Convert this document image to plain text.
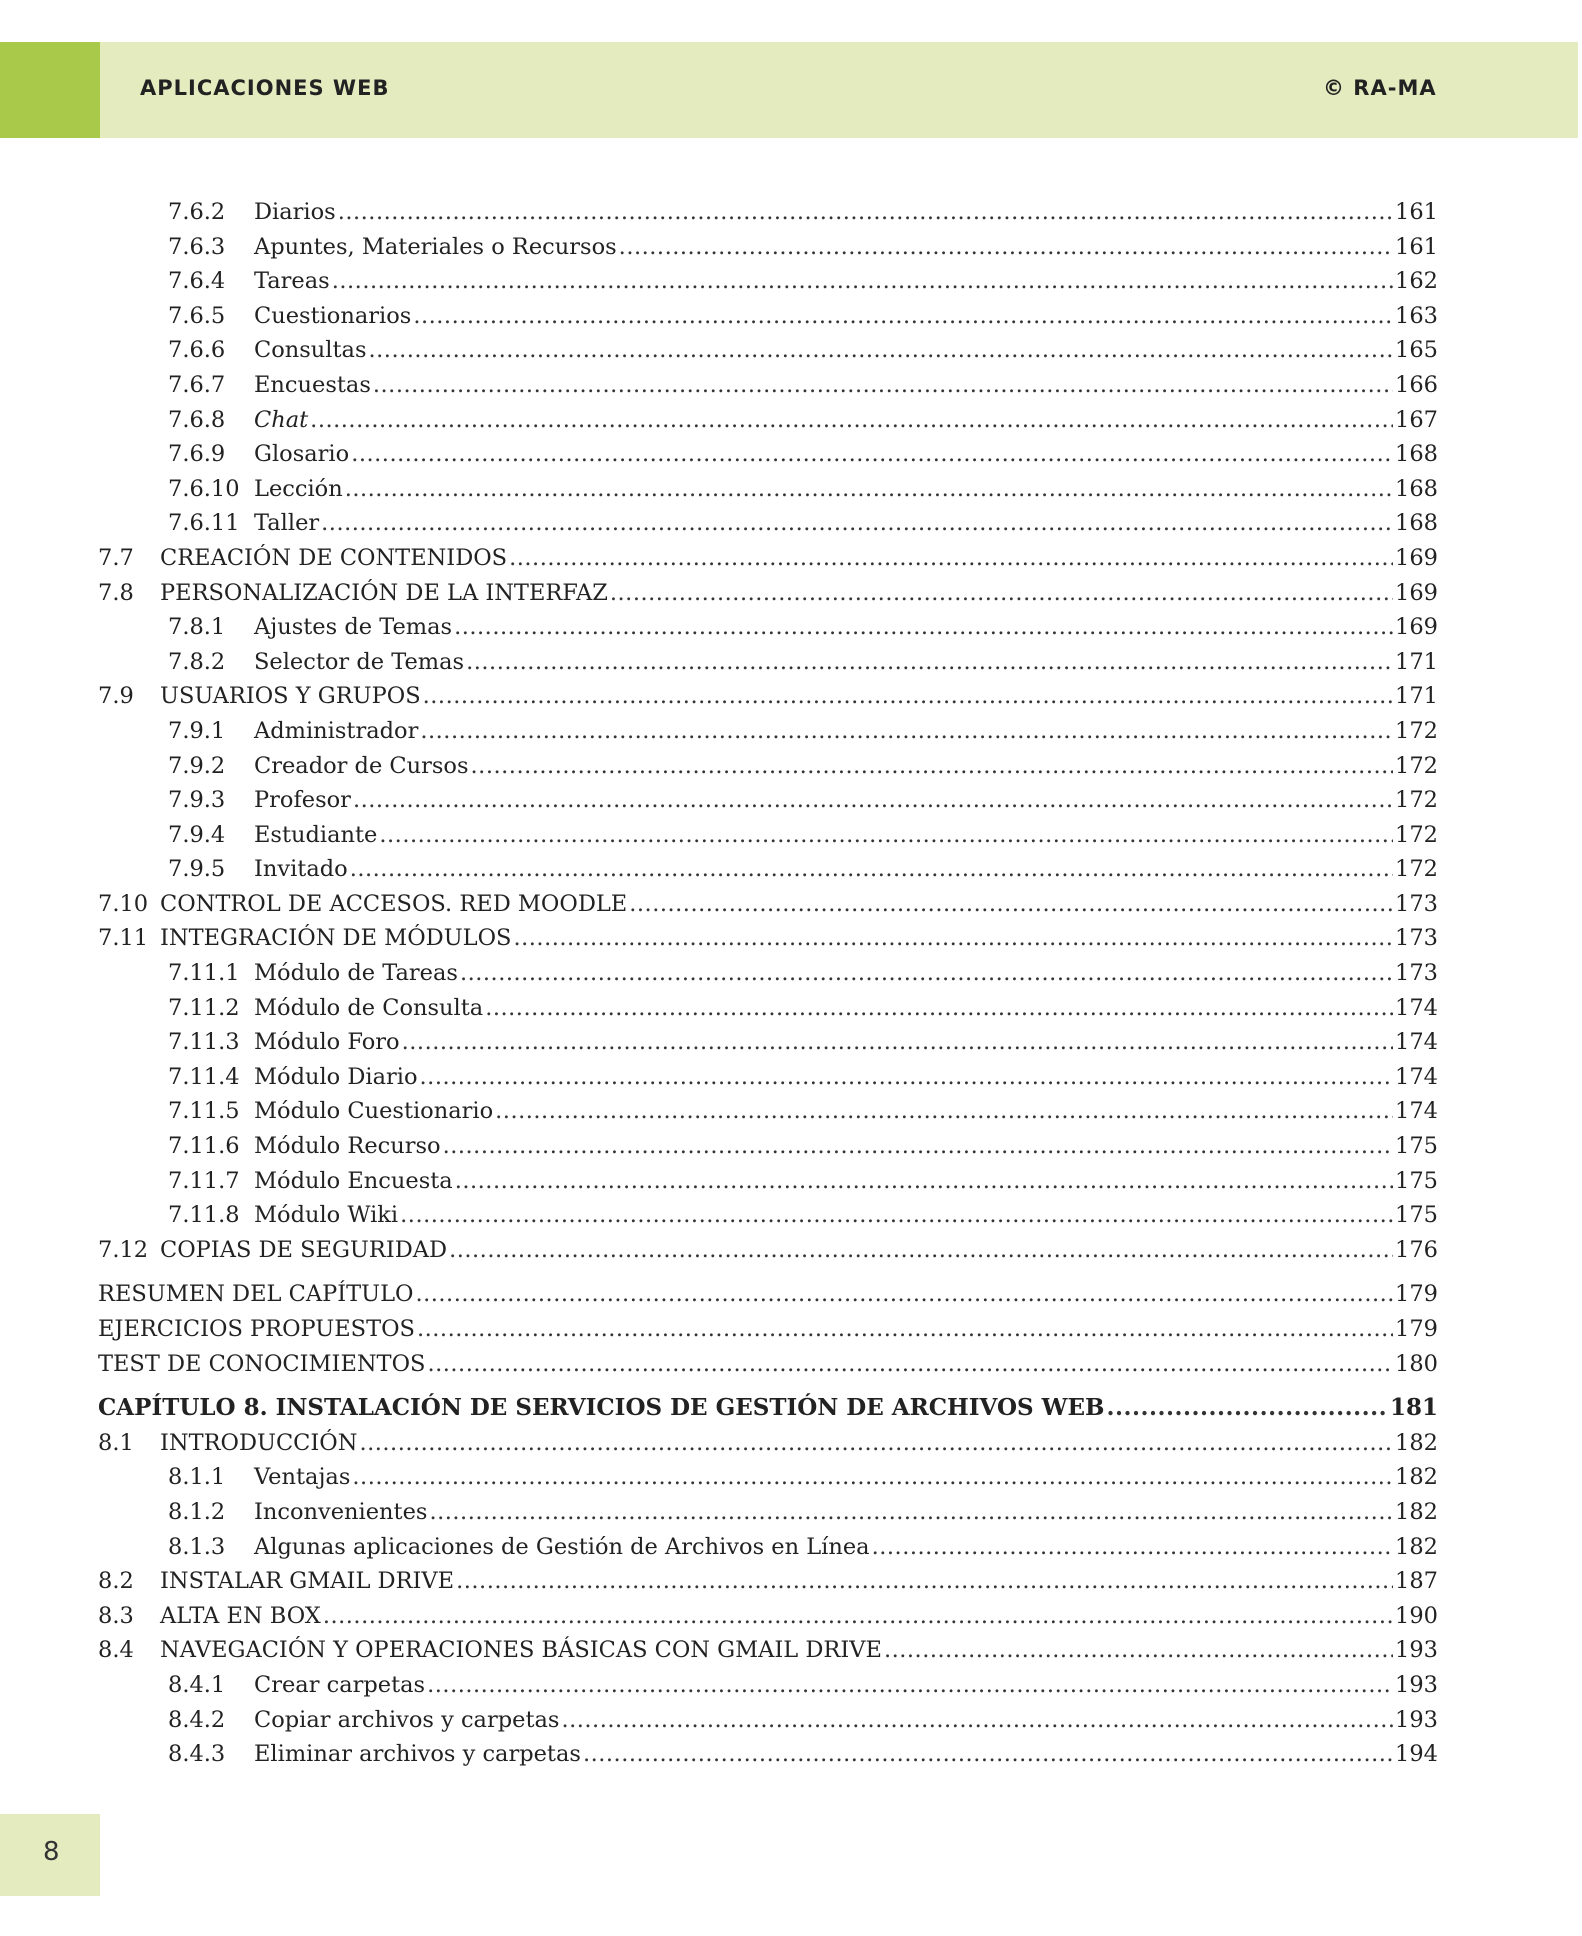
APLICACIONES WEB	© RA-MA
7.6.2	Diarios .....	161
7.6.3	Apuntes, Materiales o Recursos .....	161
7.6.4	Tareas .....	162
7.6.5	Cuestionarios .....	163
7.6.6	Consultas .....	165
7.6.7	Encuestas .....	166
7.6.8	Chat .....	167
7.6.9	Glosario .....	168
7.6.10 Lección .....	168
7.6.11 Taller .....	168
7.7	CREACIÓN DE CONTENIDOS .....	169
7.8	PERSONALIZACIÓN DE LA INTERFAZ .....	169
7.8.1	Ajustes de Temas .....	169
7.8.2	Selector de Temas .....	171
7.9	USUARIOS Y GRUPOS .....	171
7.9.1	Administrador .....	172
7.9.2	Creador de Cursos .....	172
7.9.3	Profesor .....	172
7.9.4	Estudiante .....	172
7.9.5	Invitado .....	172
7.10 CONTROL DE ACCESOS. RED MOODLE .....	173
7.11 INTEGRACIÓN DE MÓDULOS .....	173
7.11.1 Módulo de Tareas .....	173
7.11.2 Módulo de Consulta .....	174
7.11.3 Módulo Foro .....	174
7.11.4 Módulo Diario .....	174
7.11.5 Módulo Cuestionario .....	174
7.11.6 Módulo Recurso .....	175
7.11.7 Módulo Encuesta .....	175
7.11.8 Módulo Wiki .....	175
7.12 COPIAS DE SEGURIDAD .....	176
RESUMEN DEL CAPÍTULO .....	179
EJERCICIOS PROPUESTOS .....	179
TEST DE CONOCIMIENTOS .....	180
CAPÍTULO 8. INSTALACIÓN DE SERVICIOS DE GESTIÓN DE ARCHIVOS WEB .....	181
8.1	INTRODUCCIÓN .....	182
8.1.1	Ventajas .....	182
8.1.2	Inconvenientes .....	182
8.1.3	Algunas aplicaciones de Gestión de Archivos en Línea .....	182
8.2	INSTALAR GMAIL DRIVE .....	187
8.3	ALTA EN BOX .....	190
8.4	NAVEGACIÓN Y OPERACIONES BÁSICAS CON GMAIL DRIVE .....	193
8.4.1	Crear carpetas .....	193
8.4.2	Copiar archivos y carpetas .....	193
8.4.3	Eliminar archivos y carpetas .....	194
8
